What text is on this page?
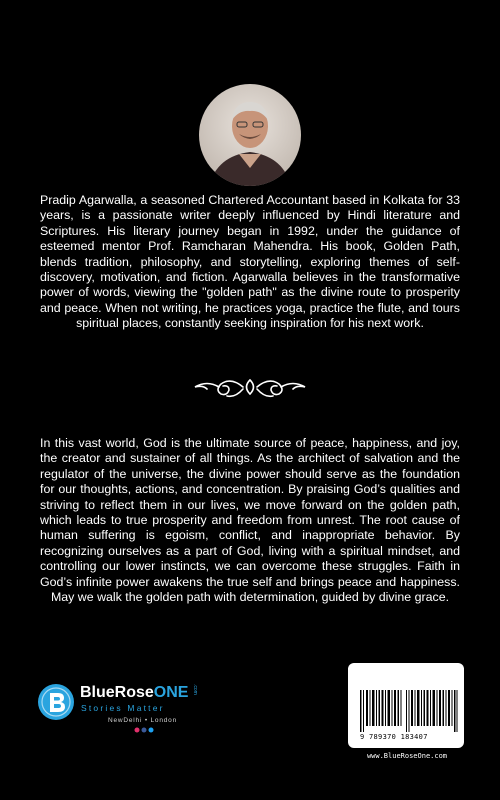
Pradip Agarwalla, a seasoned Chartered Accountant based in Kolkata for 33 years, is a passionate writer deeply influenced by Hindi literature and Scriptures. His literary journey began in 1992, under the guidance of esteemed mentor Prof. Ramcharan Mahendra. His book, Golden Path, blends tradition, philosophy, and storytelling, exploring themes of self-discovery, motivation, and fiction. Agarwalla believes in the transformative power of words, viewing the "golden path" as the divine route to prosperity and peace. When not writing, he practices yoga, practice the flute, and tours spiritual places, constantly seeking inspiration for his next work.

In this vast world, God is the ultimate source of peace, happiness, and joy, the creator and sustainer of all things. As the architect of salvation and the regulator of the universe, the divine power should serve as the foundation for our thoughts, actions, and concentration. By praising God’s qualities and striving to reflect them in our lives, we move forward on the golden path, which leads to true prosperity and freedom from unrest. The root cause of human suffering is egoism, conflict, and inappropriate behavior. By recognizing ourselves as a part of God, living with a spiritual mindset, and controlling our lower instincts, we can overcome these struggles. Faith in God’s infinite power awakens the true self and brings peace and happiness. May we walk the golden path with determination, guided by divine grace.

INR 321
GOLDEN PATH 9 789370 183407
www.BlueRoseOne.com
BlueRoseONE .com
Stories Matter
NewDelhi • London
